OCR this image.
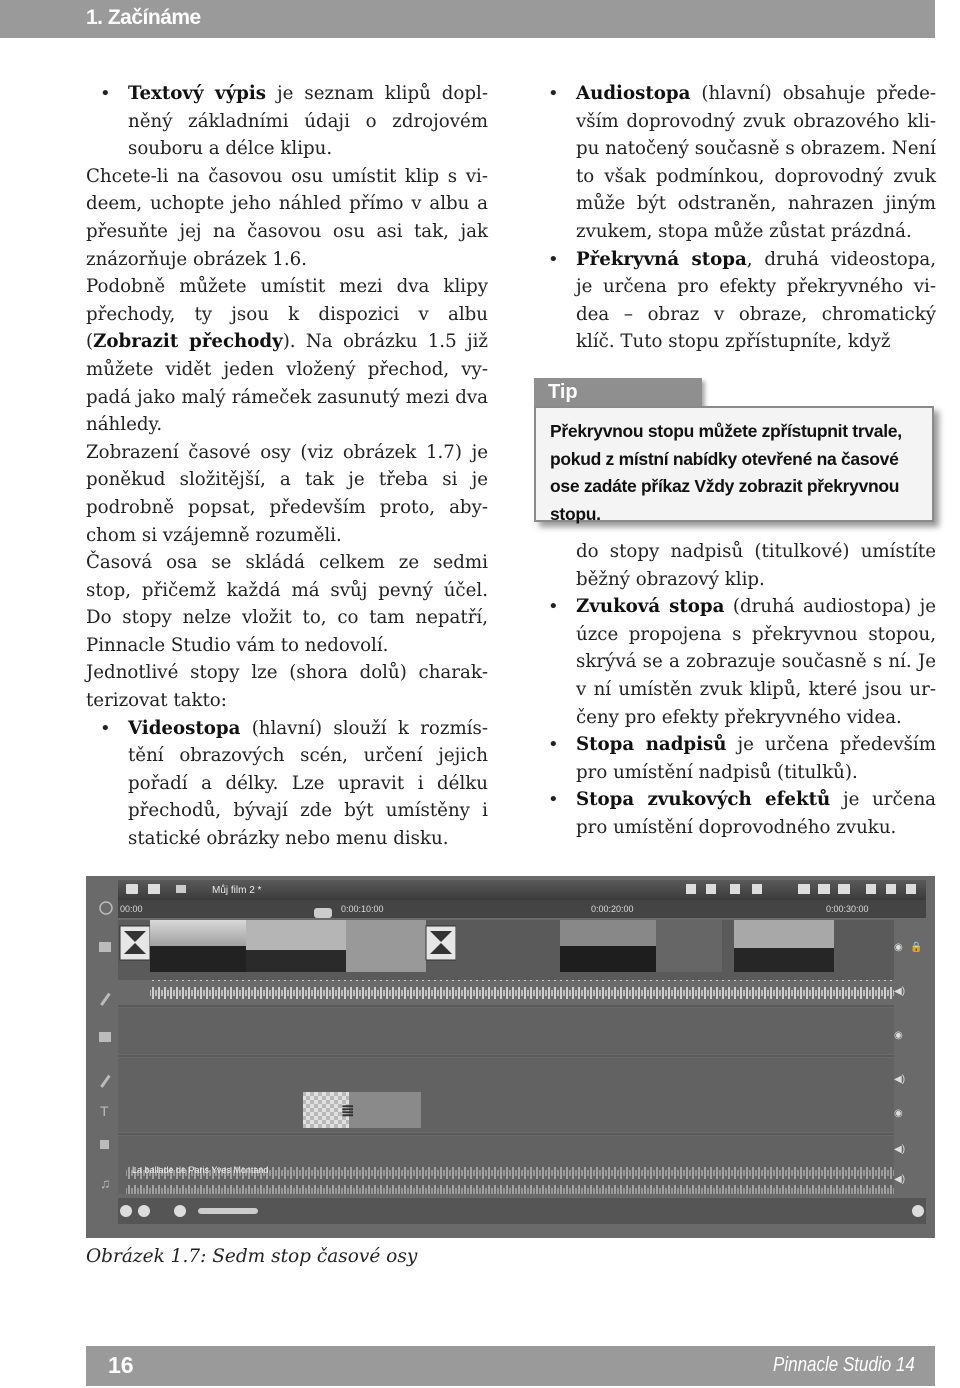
1. Začínáme

• Textový výpis je seznam klipů doplněný základními údaji o zdrojovém souboru a délce klipu.

Chcete-li na časovou osu umístit klip s videem, uchopte jeho náhled přímo v albu a přesuňte jej na časovou osu asi tak, jak znázorňuje obrázek 1.6.

Podobně můžete umístit mezi dva klipy přechody, ty jsou k dispozici v albu (Zobrazit přechody). Na obrázku 1.5 již můžete vidět jeden vložený přechod, vypadá jako malý rámeček zasunutý mezi dva náhledy.

Zobrazení časové osy (viz obrázek 1.7) je poněkud složitější, a tak je třeba si je podrobně popsat, především proto, abychom si vzájemně rozuměli.

Časová osa se skládá celkem ze sedmi stop, přičemž každá má svůj pevný účel. Do stopy nelze vložit to, co tam nepatří, Pinnacle Studio vám to nedovolí.

Jednotlivé stopy lze (shora dolů) charakterizovat takto:

• Videostopa (hlavní) slouží k rozmístění obrazových scén, určení jejich pořadí a délky. Lze upravit i délku přechodů, bývají zde být umístěny i statické obrázky nebo menu disku.

• Audiostopa (hlavní) obsahuje především doprovodný zvuk obrazového klipu natočený současně s obrazem. Není to však podmínkou, doprovodný zvuk může být odstraněn, nahrazen jiným zvukem, stopa může zůstat prázdná.

• Překryvná stopa, druhá videostopa, je určena pro efekty překryvného videa – obraz v obraze, chromatický klíč. Tuto stopu zpřístupníte, když

do stopy nadpisů (titulkové) umístíte běžný obrazový klip.

• Zvuková stopa (druhá audiostopa) je úzce propojena s překryvnou stopou, skrývá se a zobrazuje současně s ní. Je v ní umístěn zvuk klipů, které jsou určeny pro efekty překryvného videa.

• Stopa nadpisů je určena především pro umístění nadpisů (titulků).

• Stopa zvukových efektů je určena pro umístění doprovodného zvuku.

Tip
Překryvnou stopu můžete zpřístupnit trvale, pokud z místní nabídky otevřené na časové ose zadáte příkaz Vždy zobrazit překryvnou stopu.
Můj film 2 *
00:00	0:00:10:00	0:00:20:00	0:00:30:00
T
♫
≣
La ballade de Paris Yves Montand
◉ 🔒
◀)
◉
◀)
◉
◀)
◀)
Obrázek 1.7: Sedm stop časové osy
16	Pinnacle Studio 14
